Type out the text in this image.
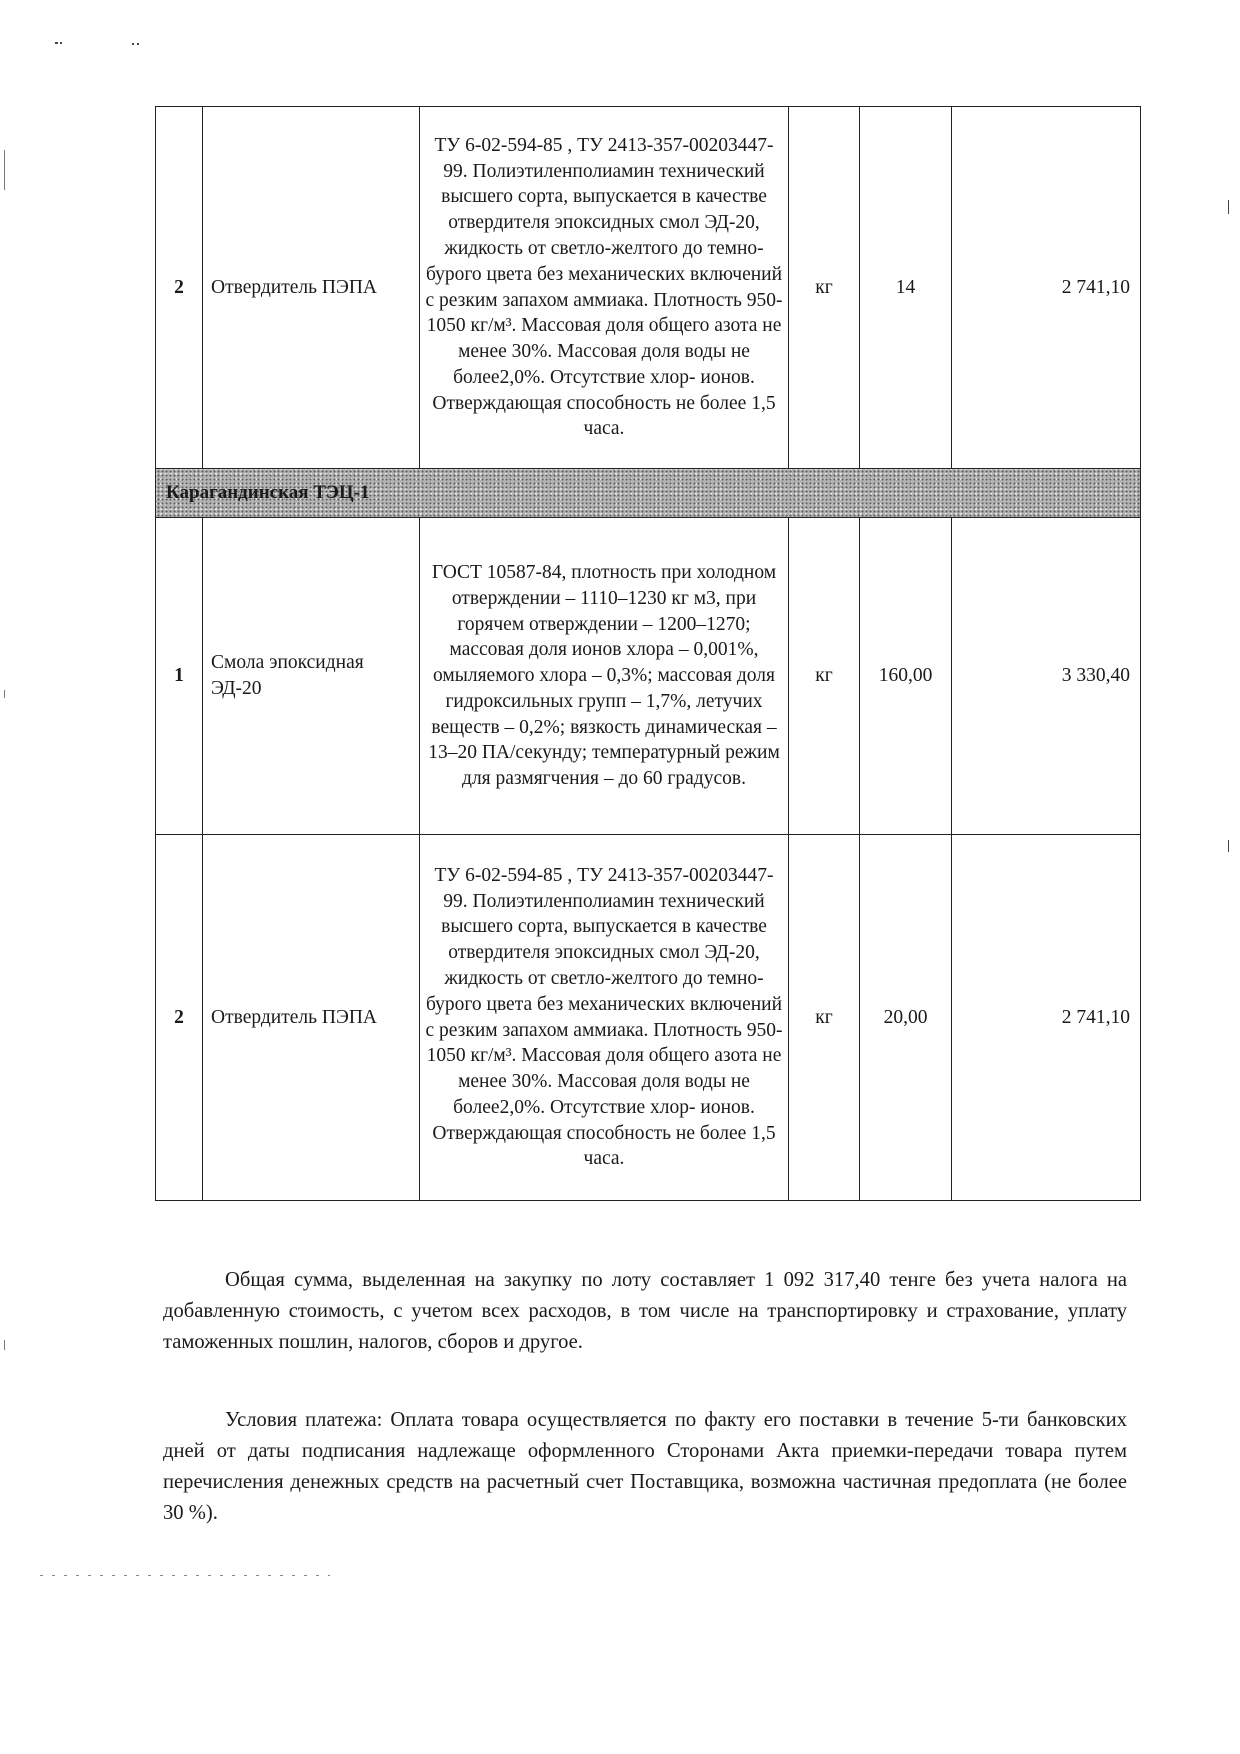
2	Отвердитель ПЭПА	ТУ 6-02-594-85 , ТУ 2413-357-00203447-99. Полиэтиленполиамин технический высшего сорта, выпускается в качестве отвердителя эпоксидных смол ЭД-20, жидкость от светло-желтого до темно-бурого цвета без механических включений с резким запахом аммиака. Плотность 950-1050 кг/м³. Массовая доля общего азота не менее 30%. Массовая доля воды не более2,0%. Отсутствие хлор- ионов. Отверждающая способность не более 1,5 часа.	кг	14	2 741,10
Карагандинская ТЭЦ-1					
1	Смола эпоксидная ЭД-20	ГОСТ 10587-84, плотность при холодном отверждении – 1110–1230 кг м3, при горячем отверждении – 1200–1270; массовая доля ионов хлора – 0,001%, омыляемого хлора – 0,3%; массовая доля гидроксильных групп – 1,7%, летучих веществ – 0,2%; вязкость динамическая – 13–20 ПА/секунду; температурный режим для размягчения – до 60 градусов.	кг	160,00	3 330,40
2	Отвердитель ПЭПА	ТУ 6-02-594-85 , ТУ 2413-357-00203447-99. Полиэтиленполиамин технический высшего сорта, выпускается в качестве отвердителя эпоксидных смол ЭД-20, жидкость от светло-желтого до темно-бурого цвета без механических включений с резким запахом аммиака. Плотность 950-1050 кг/м³. Массовая доля общего азота не менее 30%. Массовая доля воды не более2,0%. Отсутствие хлор- ионов. Отверждающая способность не более 1,5 часа.	кг	20,00	2 741,10

Общая сумма, выделенная на закупку по лоту составляет 1 092 317,40 тенге без учета налога на добавленную стоимость, с учетом всех расходов, в том числе на транспортировку и страхование, уплату таможенных пошлин, налогов, сборов и другое.

Условия платежа: Оплата товара осуществляется по факту его поставки в течение 5-ти банковских дней от даты подписания надлежаще оформленного Сторонами Акта приемки-передачи товара путем перечисления денежных средств на расчетный счет Поставщика, возможна частичная предоплата (не более 30 %).
